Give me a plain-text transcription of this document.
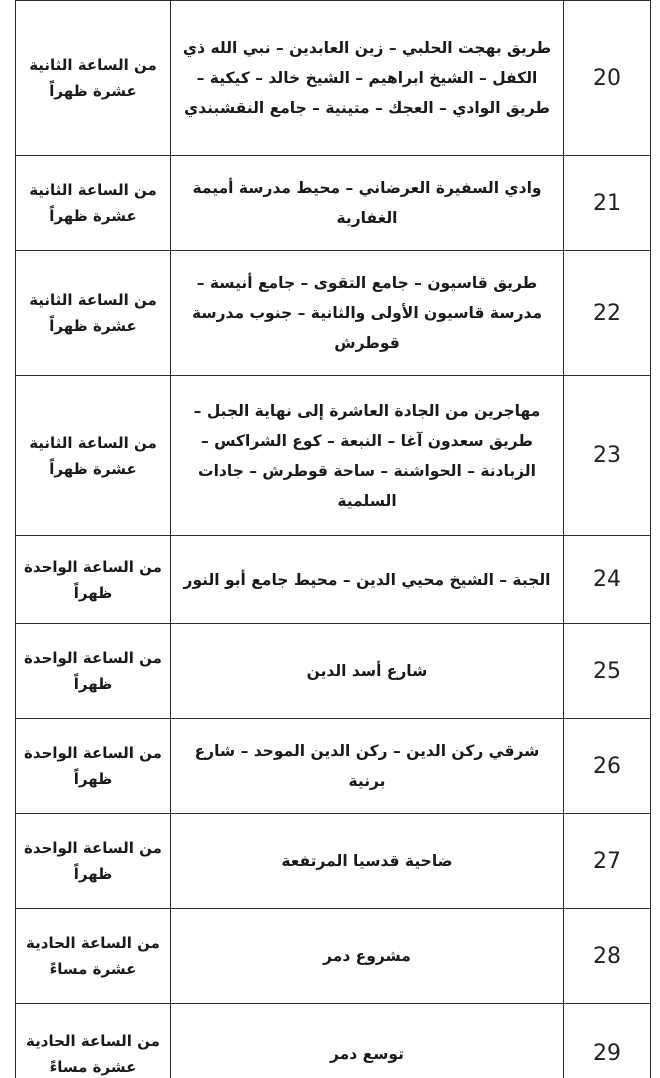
20	طريق بهجت الحلبي – زين العابدين – نبي الله ذي الكفل – الشيخ ابراهيم – الشيخ خالد – كيكية – طريق الوادي – العجك – متينية – جامع النقشبندي	من الساعة الثانية عشرة ظهراً
21	وادي السفيرة العرضاني – محيط مدرسة أميمة الغفارية	من الساعة الثانية عشرة ظهراً
22	طريق قاسيون – جامع التقوى – جامع أنيسة – مدرسة قاسيون الأولى والثانية – جنوب مدرسة قوطرش	من الساعة الثانية عشرة ظهراً
23	مهاجرين من الجادة العاشرة إلى نهاية الجبل – طريق سعدون آغا – النبعة – كوع الشراكس – الزبادنة – الحواشنة – ساحة قوطرش – جادات السلمية	من الساعة الثانية عشرة ظهراً
24	الجبة – الشيخ محيي الدين – محيط جامع أبو النور	من الساعة الواحدة ظهراً
25	شارع أسد الدين	من الساعة الواحدة ظهراً
26	شرقي ركن الدين – ركن الدين الموحد – شارع برنية	من الساعة الواحدة ظهراً
27	ضاحية قدسيا المرتفعة	من الساعة الواحدة ظهراً
28	مشروع دمر	من الساعة الحادية عشرة مساءً
29	توسع دمر	من الساعة الحادية عشرة مساءً
